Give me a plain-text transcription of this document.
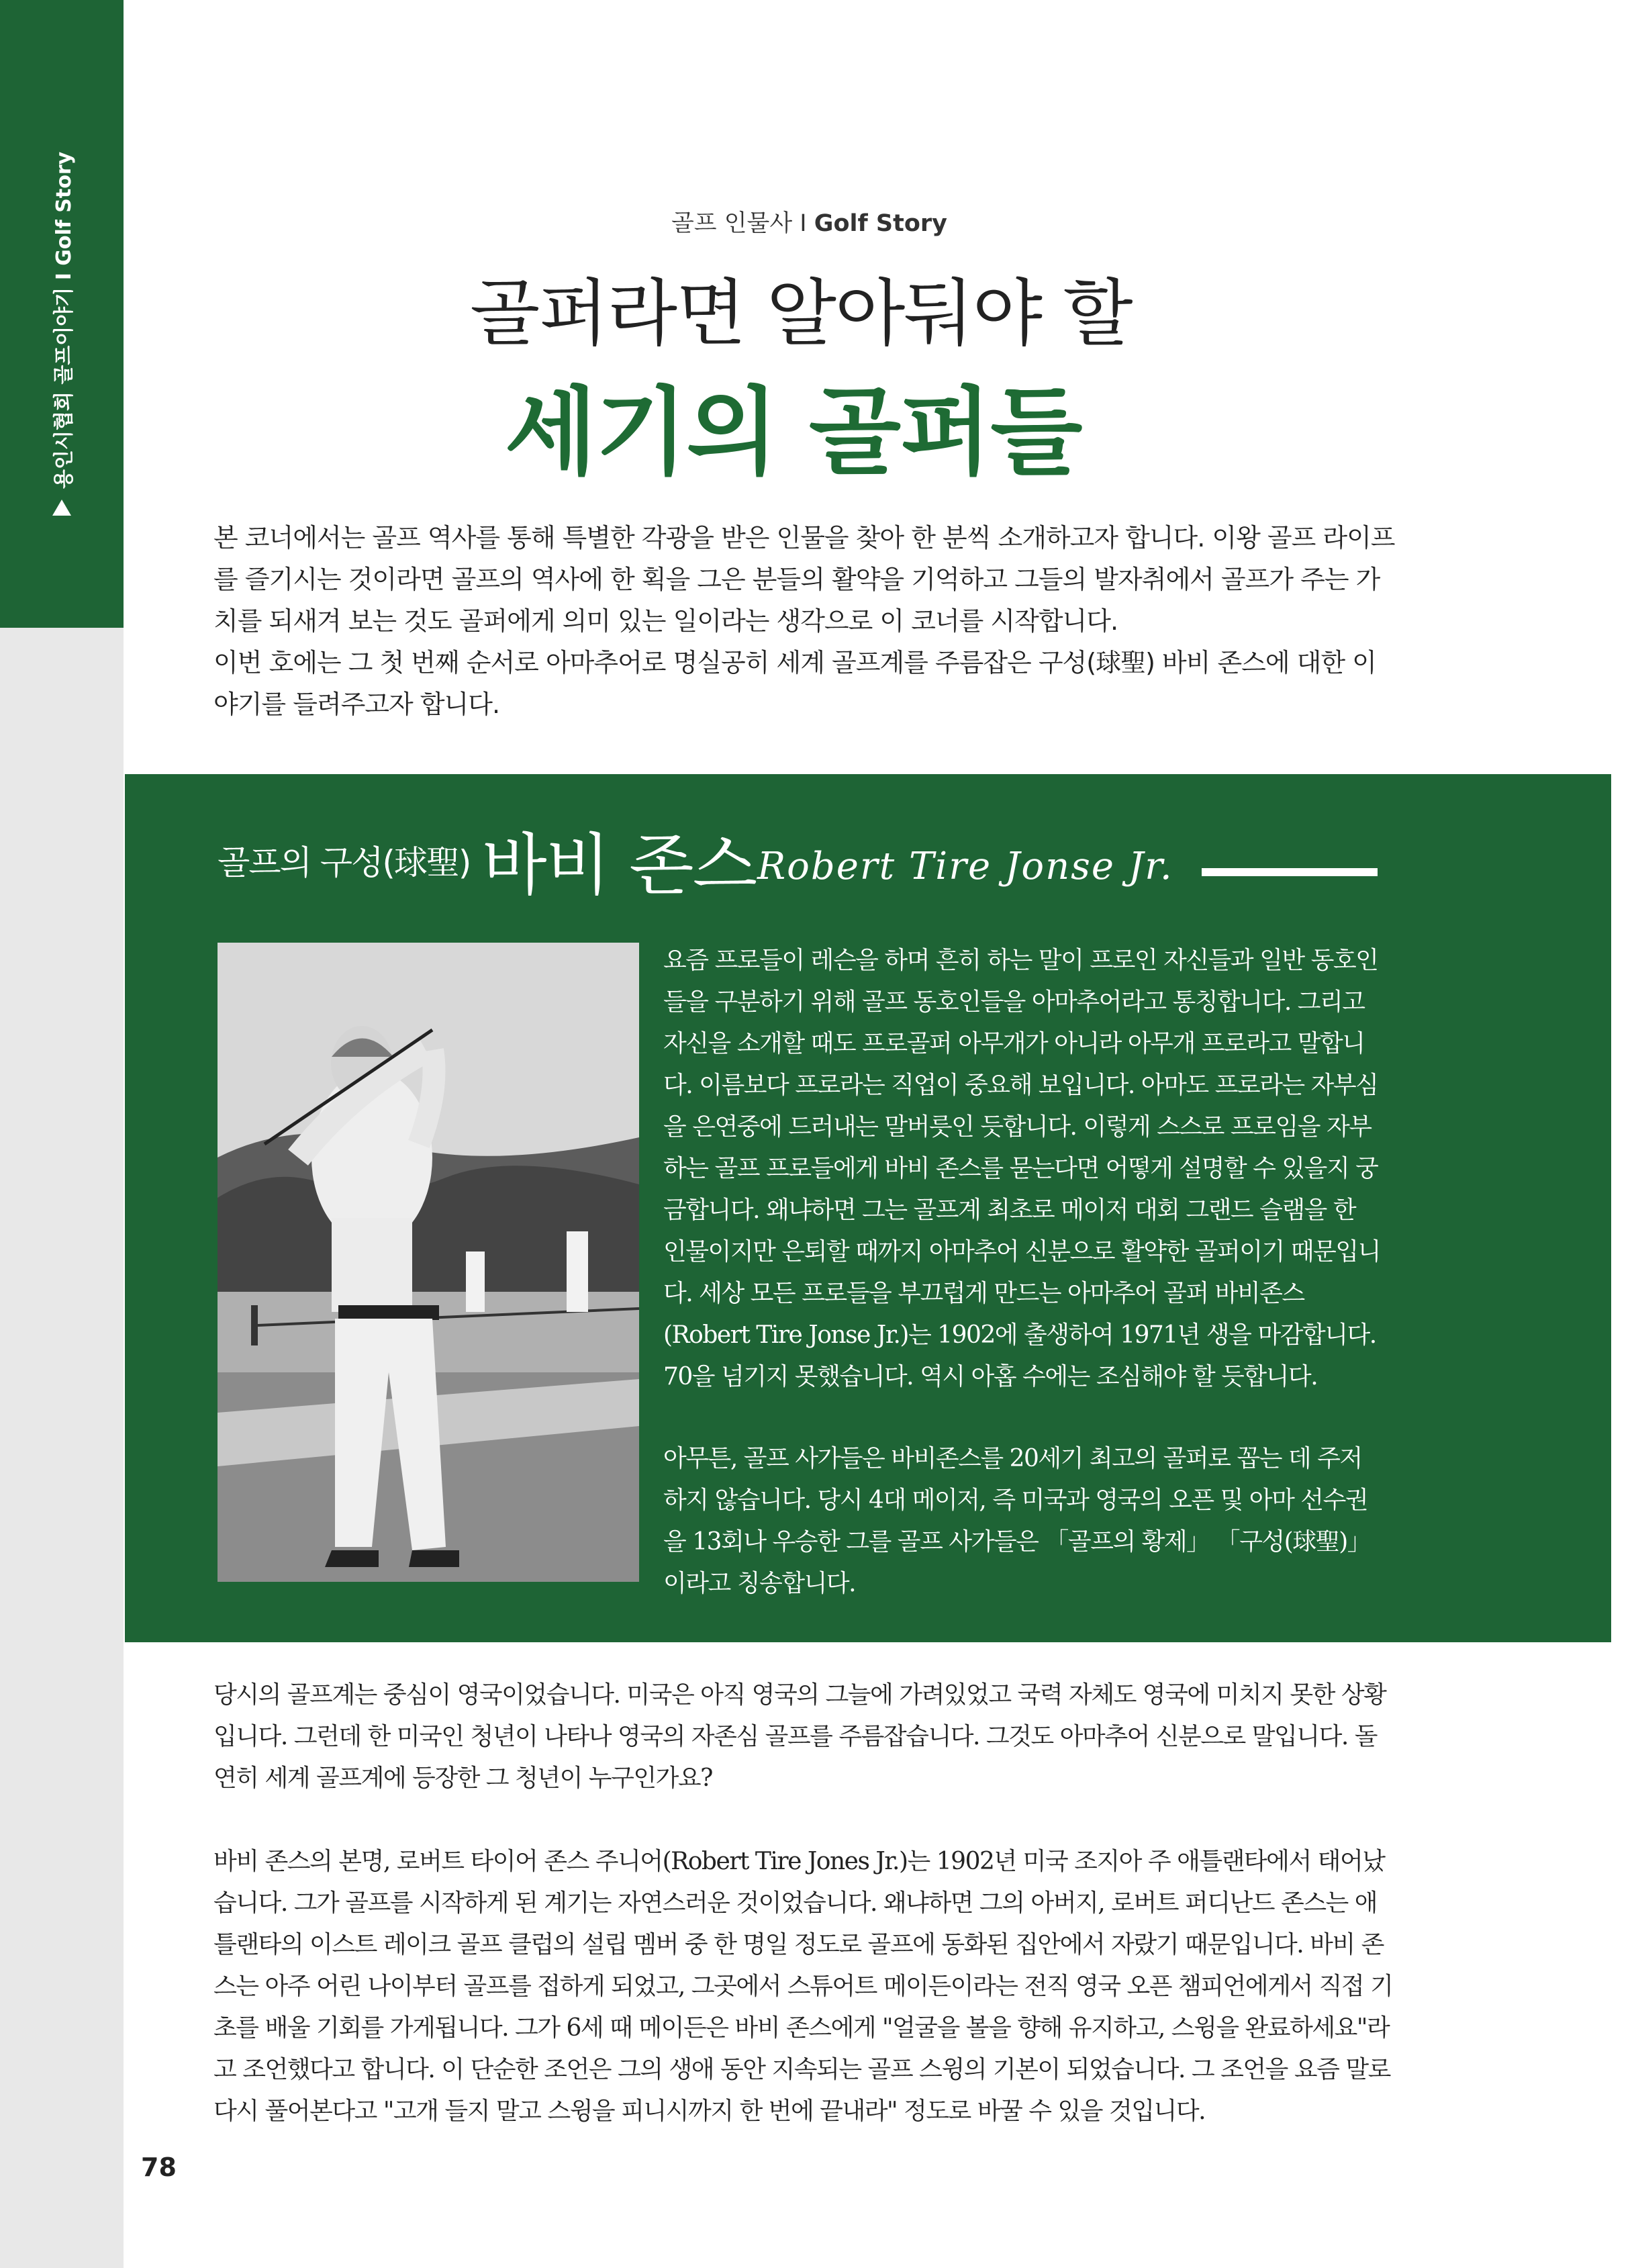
용인시협회 골프이야기 I Golf Story	골프 인물사 I Golf Story
골퍼라면 알아둬야 할
세기의 골퍼들

본 코너에서는 골프 역사를 통해 특별한 각광을 받은 인물을 찾아 한 분씩 소개하고자 합니다. 이왕 골프 라이프를 즐기시는 것이라면 골프의 역사에 한 획을 그은 분들의 활약을 기억하고 그들의 발자취에서 골프가 주는 가치를 되새겨 보는 것도 골퍼에게 의미 있는 일이라는 생각으로 이 코너를 시작합니다.

이번 호에는 그 첫 번째 순서로 아마추어로 명실공히 세계 골프계를 주름잡은 구성(球聖) 바비 존스에 대한 이야기를 들려주고자 합니다.

골프의 구성(球聖) 바비 존스 Robert Tire Jonse Jr.

요즘 프로들이 레슨을 하며 흔히 하는 말이 프로인 자신들과 일반 동호인들을 구분하기 위해 골프 동호인들을 아마추어라고 통칭합니다. 그리고 자신을 소개할 때도 프로골퍼 아무개가 아니라 아무개 프로라고 말합니다. 이름보다 프로라는 직업이 중요해 보입니다. 아마도 프로라는 자부심을 은연중에 드러내는 말버릇인 듯합니다. 이렇게 스스로 프로임을 자부하는 골프 프로들에게 바비 존스를 묻는다면 어떻게 설명할 수 있을지 궁금합니다. 왜냐하면 그는 골프계 최초로 메이저 대회 그랜드 슬램을 한 인물이지만 은퇴할 때까지 아마추어 신분으로 활약한 골퍼이기 때문입니다. 세상 모든 프로들을 부끄럽게 만드는 아마추어 골퍼 바비존스(Robert Tire Jonse Jr.)는 1902에 출생하여 1971년 생을 마감합니다. 70을 넘기지 못했습니다. 역시 아홉 수에는 조심해야 할 듯합니다.

아무튼, 골프 사가들은 바비존스를 20세기 최고의 골퍼로 꼽는 데 주저하지 않습니다. 당시 4대 메이저, 즉 미국과 영국의 오픈 및 아마 선수권을 13회나 우승한 그를 골프 사가들은 「골프의 황제」 「구성(球聖)」이라고 칭송합니다.

당시의 골프계는 중심이 영국이었습니다. 미국은 아직 영국의 그늘에 가려있었고 국력 자체도 영국에 미치지 못한 상황입니다. 그런데 한 미국인 청년이 나타나 영국의 자존심 골프를 주름잡습니다. 그것도 아마추어 신분으로 말입니다. 돌연히 세계 골프계에 등장한 그 청년이 누구인가요?

바비 존스의 본명, 로버트 타이어 존스 주니어(Robert Tire Jones Jr.)는 1902년 미국 조지아 주 애틀랜타에서 태어났습니다. 그가 골프를 시작하게 된 계기는 자연스러운 것이었습니다. 왜냐하면 그의 아버지, 로버트 퍼디난드 존스는 애틀랜타의 이스트 레이크 골프 클럽의 설립 멤버 중 한 명일 정도로 골프에 동화된 집안에서 자랐기 때문입니다. 바비 존스는 아주 어린 나이부터 골프를 접하게 되었고, 그곳에서 스튜어트 메이든이라는 전직 영국 오픈 챔피언에게서 직접 기초를 배울 기회를 가게됩니다. 그가 6세 때 메이든은 바비 존스에게 "얼굴을 볼을 향해 유지하고, 스윙을 완료하세요"라고 조언했다고 합니다. 이 단순한 조언은 그의 생애 동안 지속되는 골프 스윙의 기본이 되었습니다. 그 조언을 요즘 말로 다시 풀어본다고 "고개 들지 말고 스윙을 피니시까지 한 번에 끝내라" 정도로 바꿀 수 있을 것입니다.

78
